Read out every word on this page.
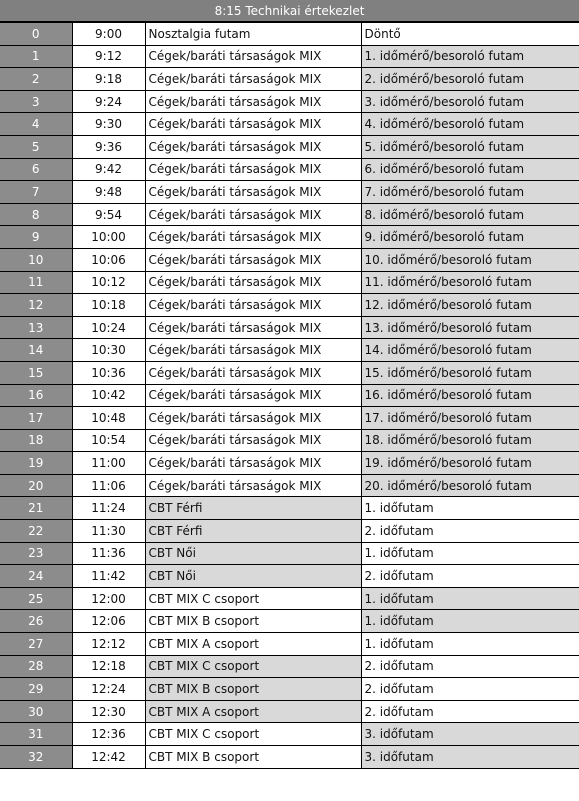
8:15 Technikai értekezlet
0	9:00	Nosztalgia futam	Döntő
1	9:12	Cégek/baráti társaságok MIX	1. időmérő/besoroló futam
2	9:18	Cégek/baráti társaságok MIX	2. időmérő/besoroló futam
3	9:24	Cégek/baráti társaságok MIX	3. időmérő/besoroló futam
4	9:30	Cégek/baráti társaságok MIX	4. időmérő/besoroló futam
5	9:36	Cégek/baráti társaságok MIX	5. időmérő/besoroló futam
6	9:42	Cégek/baráti társaságok MIX	6. időmérő/besoroló futam
7	9:48	Cégek/baráti társaságok MIX	7. időmérő/besoroló futam
8	9:54	Cégek/baráti társaságok MIX	8. időmérő/besoroló futam
9	10:00	Cégek/baráti társaságok MIX	9. időmérő/besoroló futam
10	10:06	Cégek/baráti társaságok MIX	10. időmérő/besoroló futam
11	10:12	Cégek/baráti társaságok MIX	11. időmérő/besoroló futam
12	10:18	Cégek/baráti társaságok MIX	12. időmérő/besoroló futam
13	10:24	Cégek/baráti társaságok MIX	13. időmérő/besoroló futam
14	10:30	Cégek/baráti társaságok MIX	14. időmérő/besoroló futam
15	10:36	Cégek/baráti társaságok MIX	15. időmérő/besoroló futam
16	10:42	Cégek/baráti társaságok MIX	16. időmérő/besoroló futam
17	10:48	Cégek/baráti társaságok MIX	17. időmérő/besoroló futam
18	10:54	Cégek/baráti társaságok MIX	18. időmérő/besoroló futam
19	11:00	Cégek/baráti társaságok MIX	19. időmérő/besoroló futam
20	11:06	Cégek/baráti társaságok MIX	20. időmérő/besoroló futam
21	11:24	CBT Férfi	1. időfutam
22	11:30	CBT Férfi	2. időfutam
23	11:36	CBT Női	1. időfutam
24	11:42	CBT Női	2. időfutam
25	12:00	CBT MIX C csoport	1. időfutam
26	12:06	CBT MIX B csoport	1. időfutam
27	12:12	CBT MIX A csoport	1. időfutam
28	12:18	CBT MIX C csoport	2. időfutam
29	12:24	CBT MIX B csoport	2. időfutam
30	12:30	CBT MIX A csoport	2. időfutam
31	12:36	CBT MIX C csoport	3. időfutam
32	12:42	CBT MIX B csoport	3. időfutam
